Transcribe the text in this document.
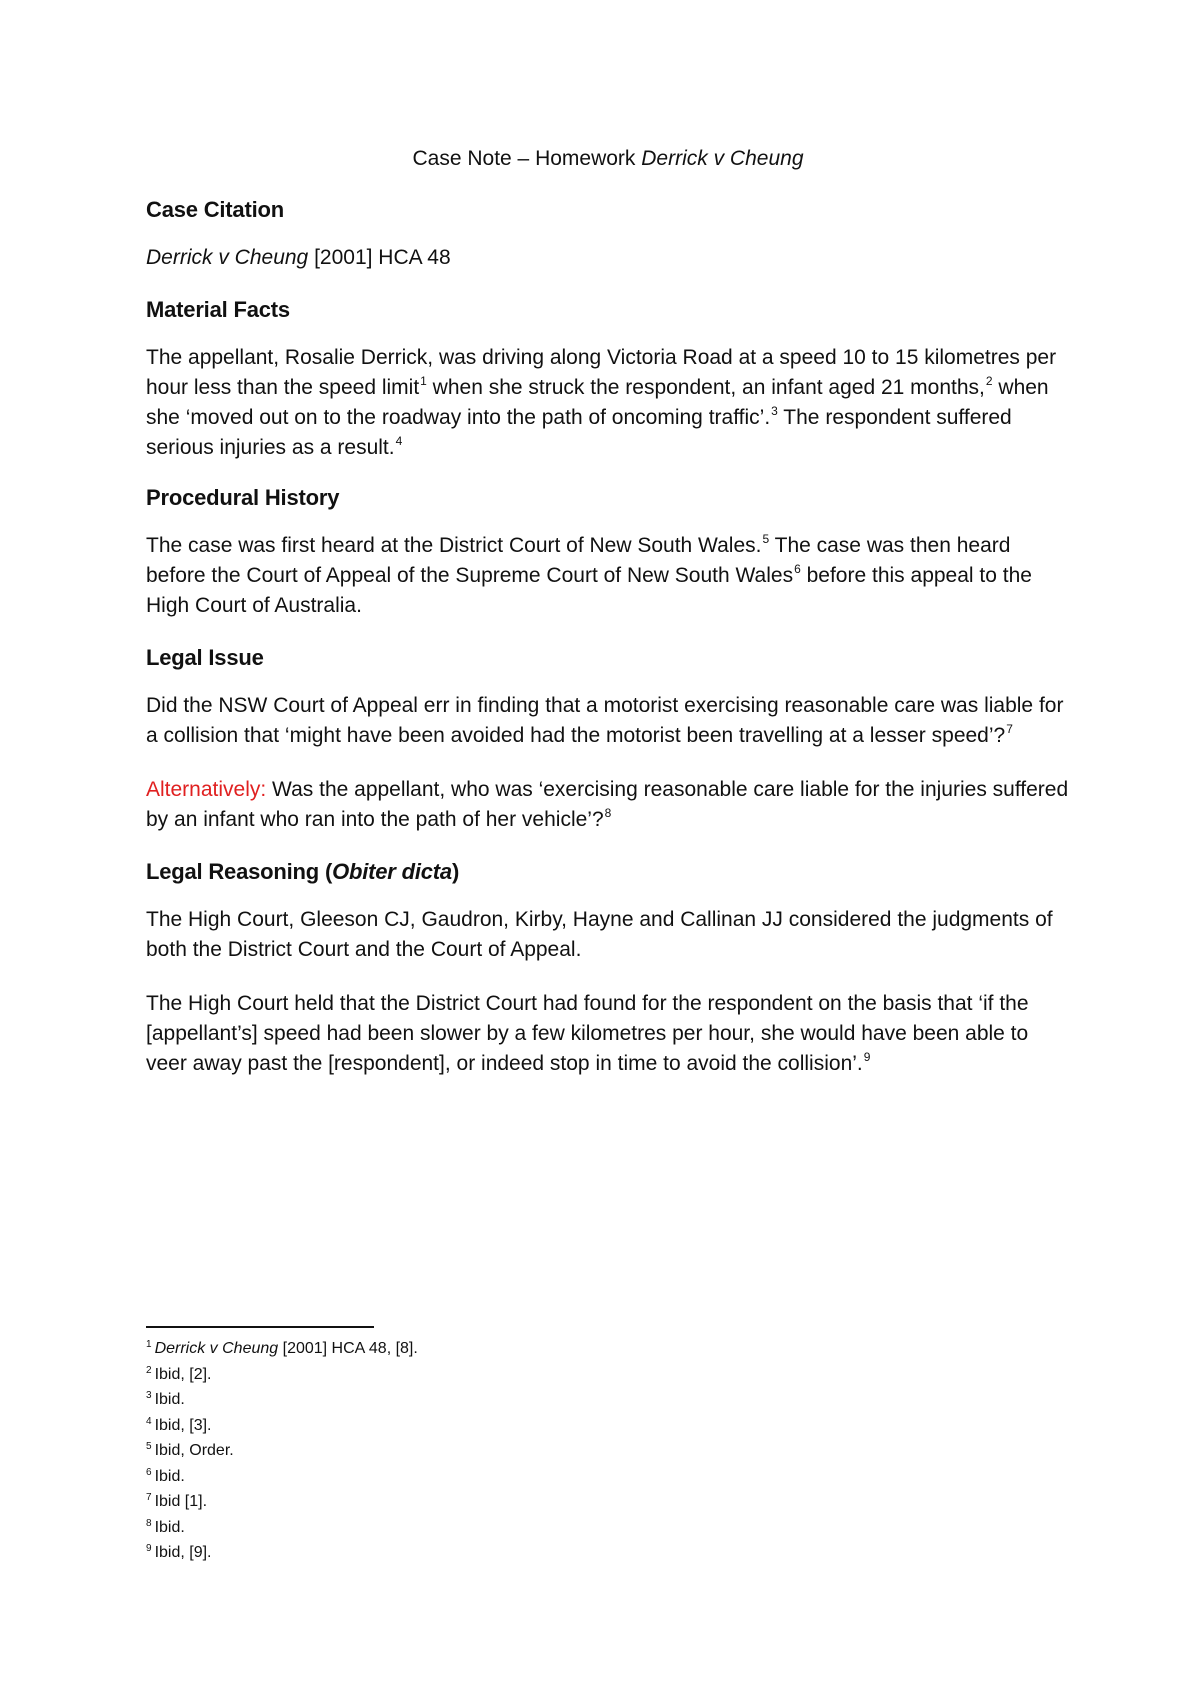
Case Note – Homework Derrick v Cheung
Case Citation

Derrick v Cheung [2001] HCA 48

Material Facts

The appellant, Rosalie Derrick, was driving along Victoria Road at a speed 10 to 15 kilometres per hour less than the speed limit$^1$ when she struck the respondent, an infant aged 21 months,$^2$ when she ‘moved out on to the roadway into the path of oncoming traffic’.$^3$ The respondent suffered serious injuries as a result.$^4$

Procedural History

The case was first heard at the District Court of New South Wales.$^5$ The case was then heard before the Court of Appeal of the Supreme Court of New South Wales$^6$ before this appeal to the High Court of Australia.

Legal Issue

Did the NSW Court of Appeal err in finding that a motorist exercising reasonable care was liable for a collision that ‘might have been avoided had the motorist been travelling at a lesser speed’?$^7$

Alternatively: Was the appellant, who was ‘exercising reasonable care liable for the injuries suffered by an infant who ran into the path of her vehicle’?$^8$

Legal Reasoning (Obiter dicta)

The High Court, Gleeson CJ, Gaudron, Kirby, Hayne and Callinan JJ considered the judgments of both the District Court and the Court of Appeal.

The High Court held that the District Court had found for the respondent on the basis that ‘if the [appellant’s] speed had been slower by a few kilometres per hour, she would have been able to veer away past the [respondent], or indeed stop in time to avoid the collision’.$^9$

$^1$ Derrick v Cheung [2001] HCA 48, [8].
$^2$ Ibid, [2].
$^3$ Ibid.
$^4$ Ibid, [3].
$^5$ Ibid, Order.
$^6$ Ibid.
$^7$ Ibid [1].
$^8$ Ibid.
$^9$ Ibid, [9].
